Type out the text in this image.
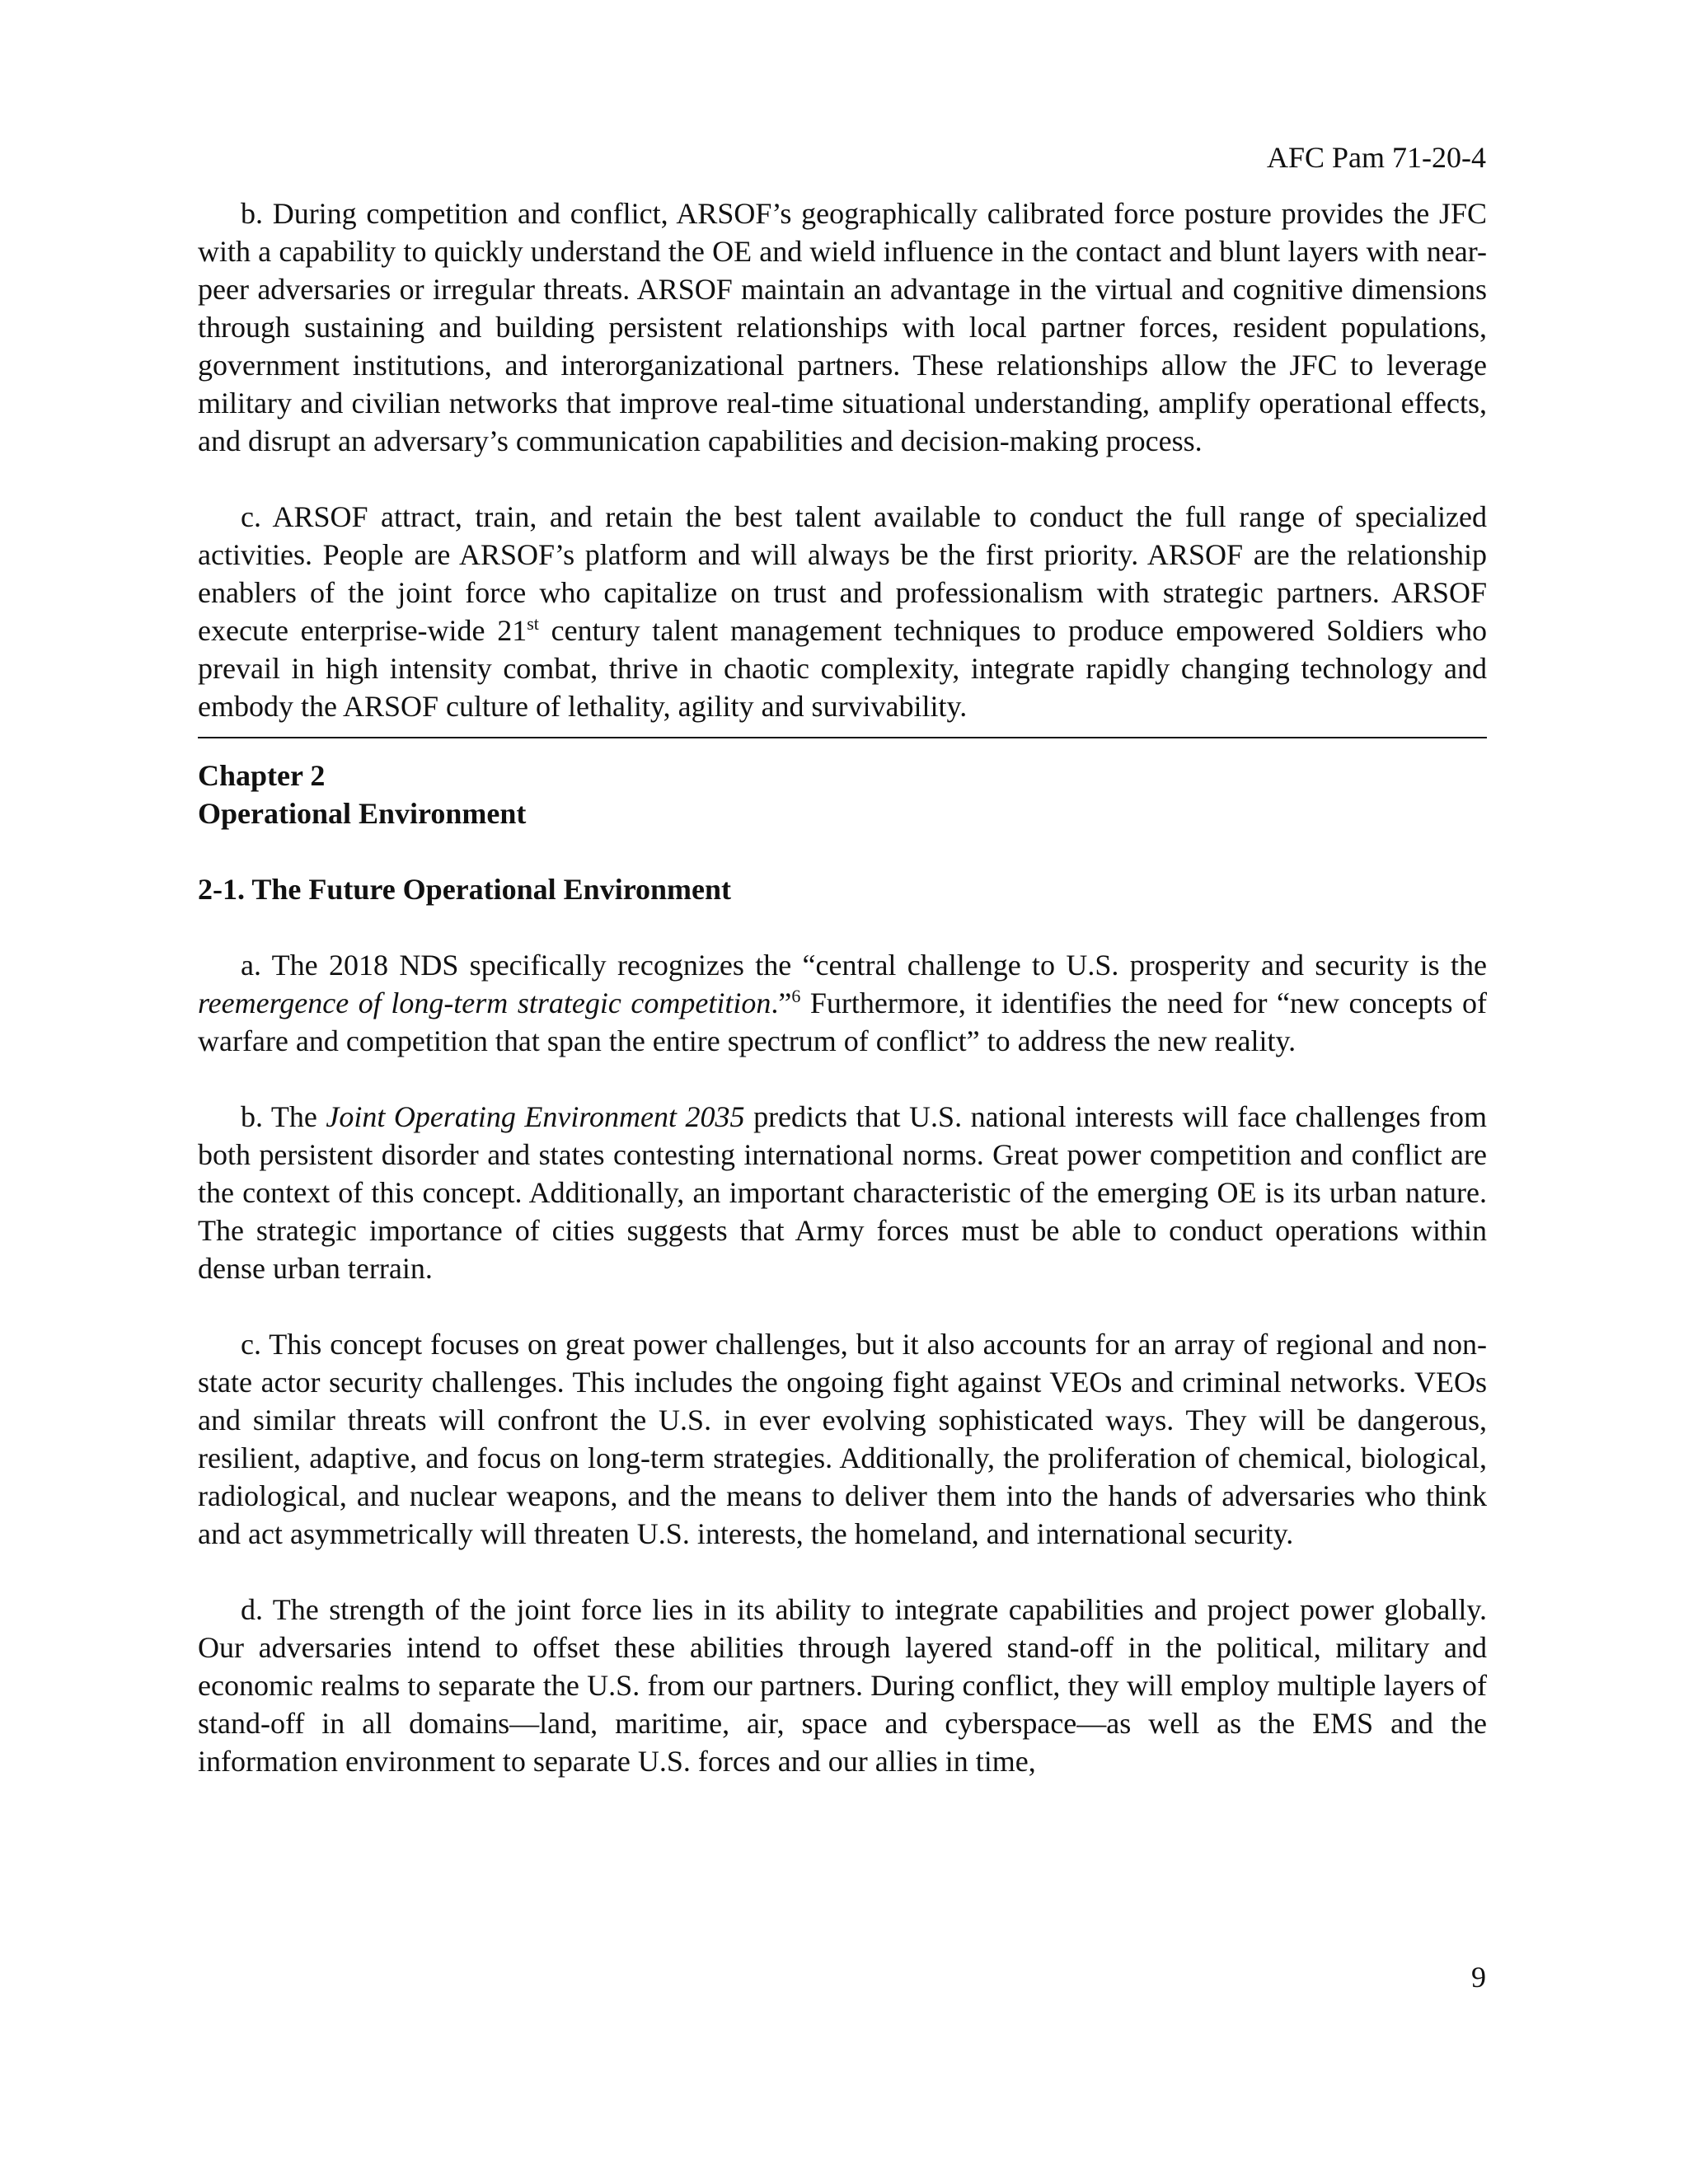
AFC Pam 71-20-4

b. During competition and conflict, ARSOF’s geographically calibrated force posture provides the JFC with a capability to quickly understand the OE and wield influence in the contact and blunt layers with near-peer adversaries or irregular threats. ARSOF maintain an advantage in the virtual and cognitive dimensions through sustaining and building persistent relationships with local partner forces, resident populations, government institutions, and interorganizational partners. These relationships allow the JFC to leverage military and civilian networks that improve real-time situational understanding, amplify operational effects, and disrupt an adversary’s communication capabilities and decision-making process.

c. ARSOF attract, train, and retain the best talent available to conduct the full range of specialized activities. People are ARSOF’s platform and will always be the first priority. ARSOF are the relationship enablers of the joint force who capitalize on trust and professionalism with strategic partners. ARSOF execute enterprise-wide 21st century talent management techniques to produce empowered Soldiers who prevail in high intensity combat, thrive in chaotic complexity, integrate rapidly changing technology and embody the ARSOF culture of lethality, agility and survivability.

Chapter 2

Operational Environment

2-1. The Future Operational Environment

a. The 2018 NDS specifically recognizes the “central challenge to U.S. prosperity and security is the reemergence of long-term strategic competition.”$^6$ Furthermore, it identifies the need for “new concepts of warfare and competition that span the entire spectrum of conflict” to address the new reality.

b. The Joint Operating Environment 2035 predicts that U.S. national interests will face challenges from both persistent disorder and states contesting international norms. Great power competition and conflict are the context of this concept. Additionally, an important characteristic of the emerging OE is its urban nature. The strategic importance of cities suggests that Army forces must be able to conduct operations within dense urban terrain.

c. This concept focuses on great power challenges, but it also accounts for an array of regional and non-state actor security challenges. This includes the ongoing fight against VEOs and criminal networks. VEOs and similar threats will confront the U.S. in ever evolving sophisticated ways. They will be dangerous, resilient, adaptive, and focus on long-term strategies. Additionally, the proliferation of chemical, biological, radiological, and nuclear weapons, and the means to deliver them into the hands of adversaries who think and act asymmetrically will threaten U.S. interests, the homeland, and international security.

d. The strength of the joint force lies in its ability to integrate capabilities and project power globally. Our adversaries intend to offset these abilities through layered stand-off in the political, military and economic realms to separate the U.S. from our partners. During conflict, they will employ multiple layers of stand-off in all domains—land, maritime, air, space and cyberspace—as well as the EMS and the information environment to separate U.S. forces and our allies in time,

9
